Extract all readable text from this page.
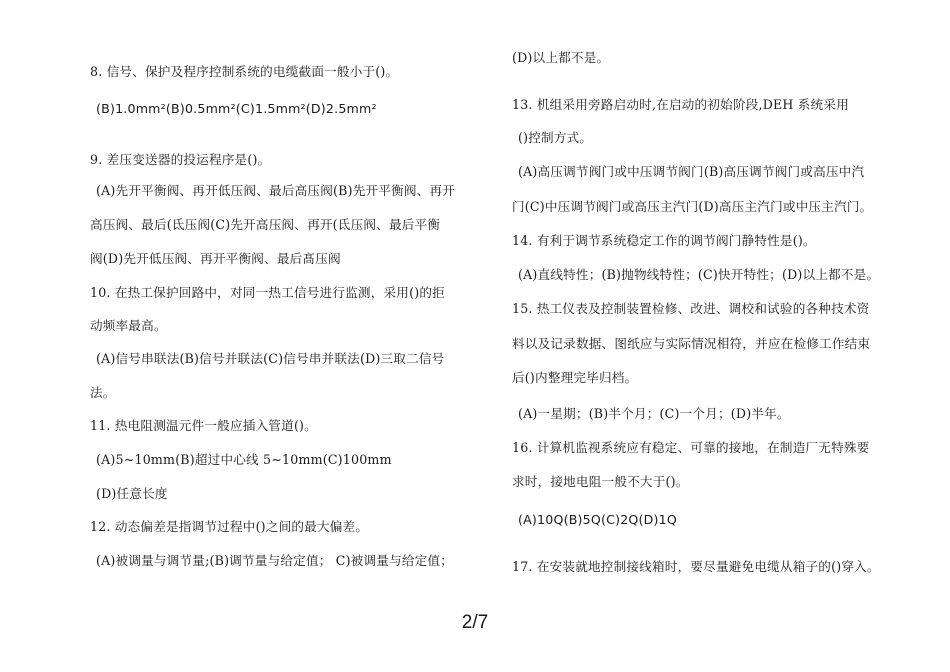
8. 信号、保护及程序控制系统的电缆截面一般小于()。
(B)1.0mm²(B)0.5mm²(C)1.5mm²(D)2.5mm²
9. 差压变送器的投运程序是()。
(A)先开平衡阀、再开低压阀、最后高压阀(B)先开平衡阀、再开
高压阀、最后(氐压阀(C)先开高压阀、再开(氐压阀、最后平衡
阀(D)先开低压阀、再开平衡阀、最后髙压阀
10. 在热工保护回路中，对同一热工信号进行监测，采用()的拒
动频率最高。
(A)信号串联法(B)信号并联法(C)信号串并联法(D)三取二信号
法。
11. 热电阻测温元件一般应插入管道()。
(A)5~10mm(B)超过中心线 5~10mm(C)100mm
(D)任意长度
12. 动态偏差是指调节过程中()之间的最大偏差。
(A)被调量与调节量;(B)调节量与给定值； C)被调量与给定值；
(D)以上都不是。
13. 机组采用旁路启动时,在启动的初始阶段,DEH 系统采用
()控制方式。
(A)高压调节阀门或中压调节阀门(B)高压调节阀门或高压中汽
门(C)中压调节阀门或高压主汽门(D)高压主汽门或中压主汽门。
14. 有利于调节系统稳定工作的调节阀门静特性是()。
(A)直线特性；(B)抛物线特性；(C)快开特性；(D)以上都不是。
15. 热工仪表及控制装置检修、改进、调校和试验的各种技术资
料以及记录数据、图纸应与实际情况相符，并应在检修工作结束
后()内整理完毕归档。
(A)一星期；(B)半个月；(C)一个月；(D)半年。
16. 计算机监视系统应有稳定、可靠的接地，在制造厂无特殊要
求时，接地电阻一般不大于()。
(A)10Q(B)5Q(C)2Q(D)1Q
17. 在安装就地控制接线箱时，要尽量避免电缆从箱子的()穿入。
2/7
